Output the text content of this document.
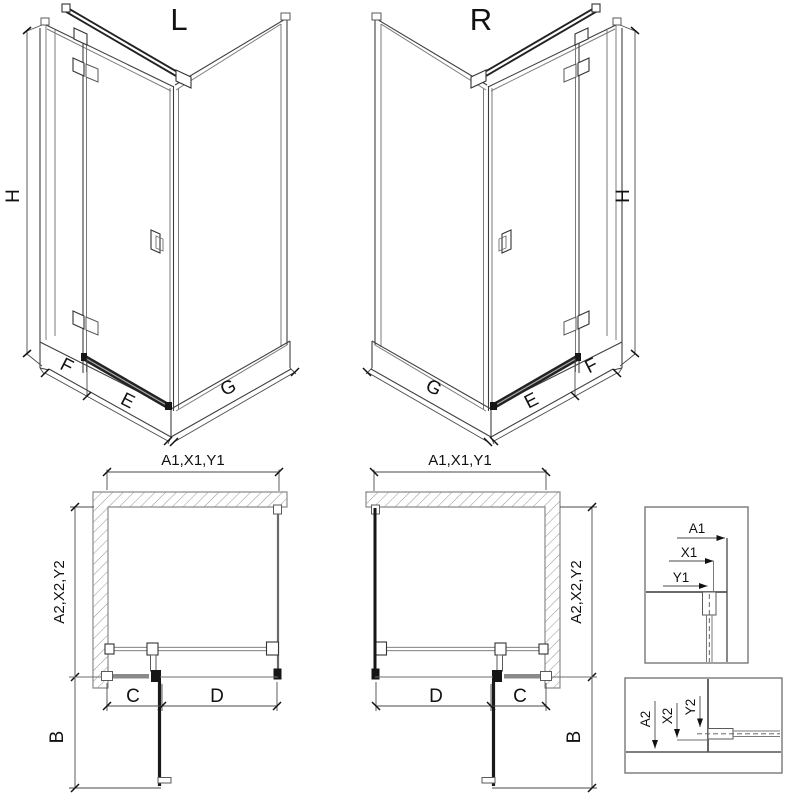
L
H
F
E
G
R
H
F
E
G
A1,X1,Y1
A2,X2,Y2
C	D
B
A1,X1,Y1
A2,X2,Y2
D	C
B
A1
X1
Y1
A2 X2
Y2
